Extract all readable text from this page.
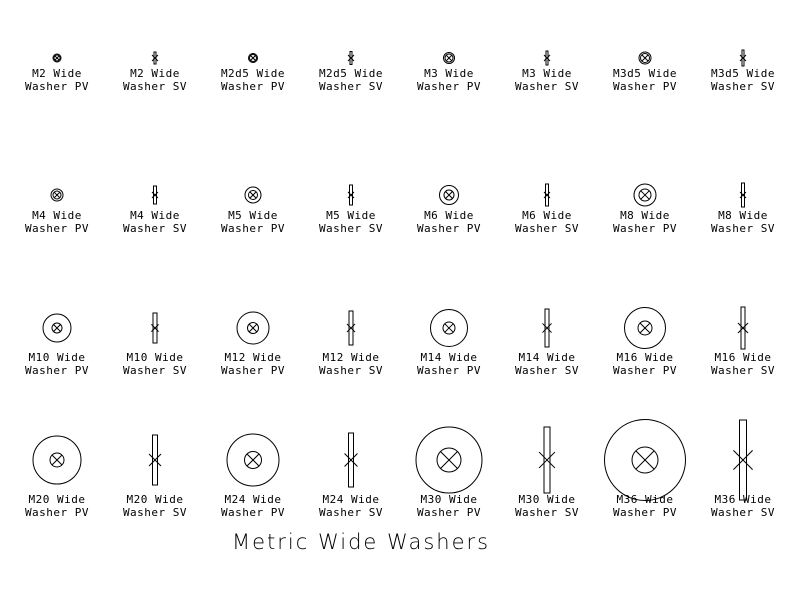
M2 Wide
Washer PV
M2 Wide
Washer SV
M2d5 Wide
Washer PV
M2d5 Wide
Washer SV
M3 Wide
Washer PV
M3 Wide
Washer SV
M3d5 Wide
Washer PV
M3d5 Wide
Washer SV
M4 Wide
Washer PV
M4 Wide
Washer SV
M5 Wide
Washer PV
M5 Wide
Washer SV
M6 Wide
Washer PV
M6 Wide
Washer SV
M8 Wide
Washer PV
M8 Wide
Washer SV
M10 Wide
Washer PV
M10 Wide
Washer SV
M12 Wide
Washer PV
M12 Wide
Washer SV
M14 Wide
Washer PV
M14 Wide
Washer SV
M16 Wide
Washer PV
M16 Wide
Washer SV
M20 Wide
Washer PV
M20 Wide
Washer SV
M24 Wide
Washer PV
M24 Wide
Washer SV
M30 Wide
Washer PV
M30 Wide
Washer SV
M36 Wide
Washer PV
M36 Wide
Washer SV
Metric Wide Washers
